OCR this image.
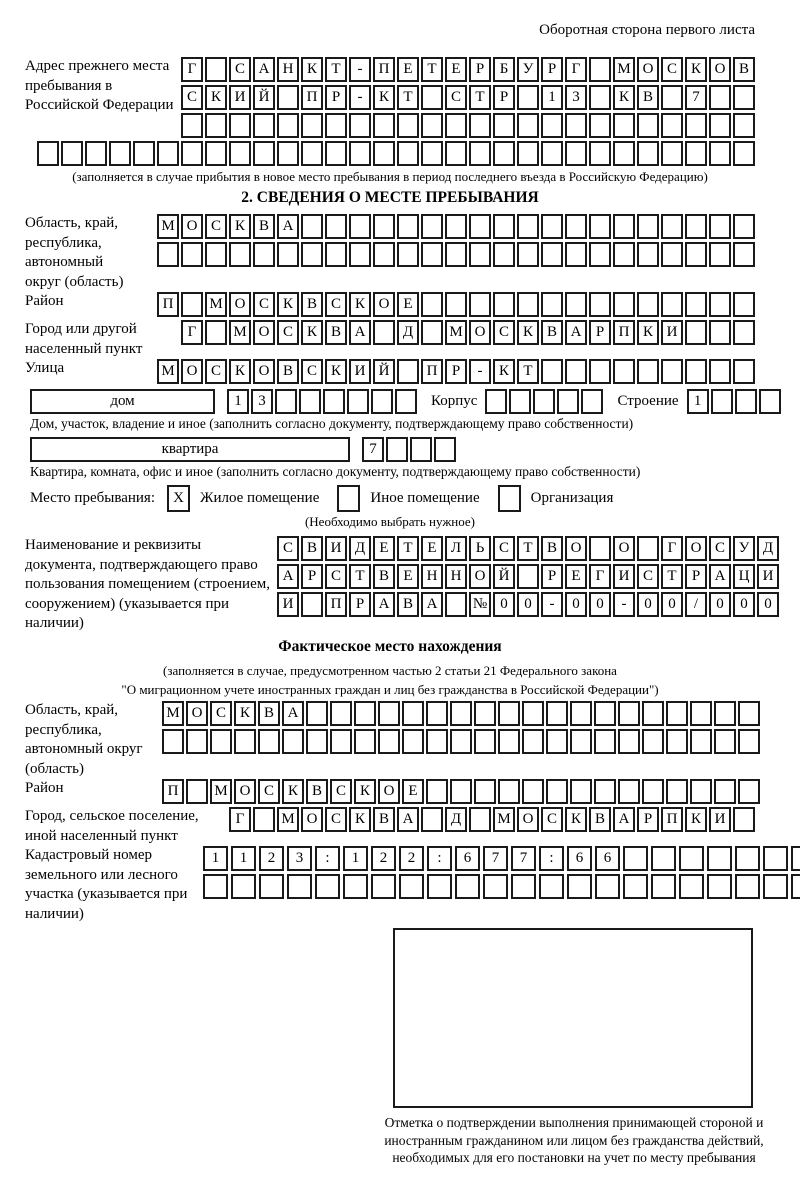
Оборотная сторона первого листа
Адрес прежнего места пребывания в Российской Федерации
Г	С А Н К Т	-	П Е Т Е	Р	Б У Р	Г	М О С К О В
С К И Й	П Р	-	К Т	С Т	Р	1	3	К В	7
(заполняется в случае прибытия в новое место пребывания в период последнего въезда в Российскую Федерацию)
2. СВЕДЕНИЯ О МЕСТЕ ПРЕБЫВАНИЯ
Область, край, республика, автономный округ (область)
М О С К В А
Район	П	М О С К В С К О Е
Город или другой населенный пункт
Г	М О С К В А	Д	М О С К В А Р П К И
Улица	М О С К О В С К И Й	П Р	-	К Т
дом	1	3	Корпус	Строение	1
Дом, участок, владение и иное (заполнить согласно документу, подтверждающему право собственности)
квартира	7
Квартира, комната, офис и иное (заполнить согласно документу, подтверждающему право собственности)
Место пребывания:	X	Жилое помещение	Иное помещение	Организация
(Необходимо выбрать нужное)
Наименование и реквизиты документа, подтверждающего право пользования помещением (строением, сооружением) (указывается при наличии)
С В И Д Е Т Е Л Ь С Т В О	О	Г О С У Д
А Р С Т В Е Н Н О Й	Р	Е	Г И С Т	Р А Ц И
И	П Р А В А	№ 0	0	-	0	0	-	0	0	/	0	0	0
Фактическое место нахождения
(заполняется в случае, предусмотренном частью 2 статьи 21 Федерального закона
"О миграционном учете иностранных граждан и лиц без гражданства в Российской Федерации")
Область, край, республика, автономный округ (область)
М О С К В А
Район	П	М О С К В С К О Е
Город, сельское поселение, иной населенный пункт
Г	М О С К В А	Д	М О С К В А Р П К И
Кадастровый номер земельного или лесного участка (указывается при наличии)
1	1	2	3	:	1	2	2	:	6	7	7	:	6	6
Отметка о подтверждении выполнения принимающей стороной и иностранным гражданином или лицом без гражданства действий, необходимых для его постановки на учет по месту пребывания
